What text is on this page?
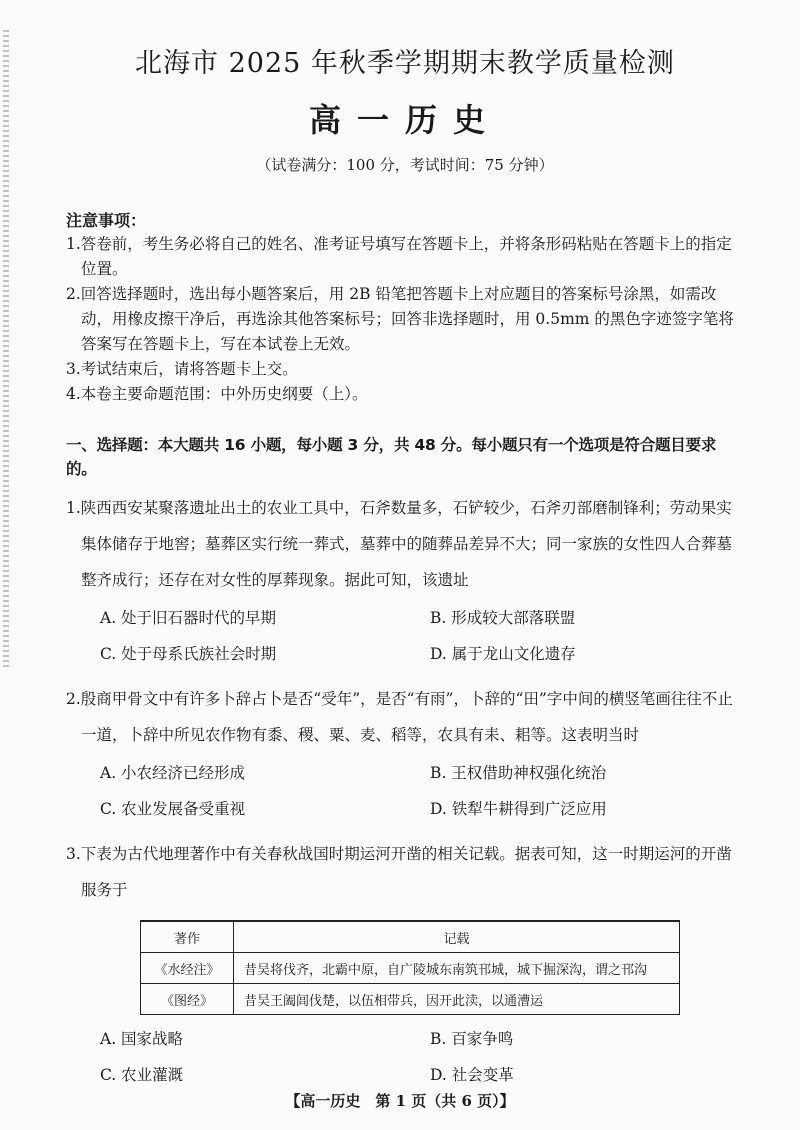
北海市 2025 年秋季学期期末教学质量检测
高一历史
（试卷满分：100 分，考试时间：75 分钟）
注意事项：
1.答卷前，考生务必将自己的姓名、准考证号填写在答题卡上，并将条形码粘贴在答题卡上的指定位置。
2.回答选择题时，选出每小题答案后，用 2B 铅笔把答题卡上对应题目的答案标号涂黑，如需改动，用橡皮擦干净后，再选涂其他答案标号；回答非选择题时，用 0.5mm 的黑色字迹签字笔将答案写在答题卡上，写在本试卷上无效。
3.考试结束后，请将答题卡上交。
4.本卷主要命题范围：中外历史纲要（上）。
一、选择题：本大题共 16 小题，每小题 3 分，共 48 分。每小题只有一个选项是符合题目要求的。
1.陕西西安某聚落遗址出土的农业工具中，石斧数量多，石铲较少，石斧刃部磨制锋利；劳动果实集体储存于地窖；墓葬区实行统一葬式，墓葬中的随葬品差异不大；同一家族的女性四人合葬墓整齐成行；还存在对女性的厚葬现象。据此可知，该遗址
A. 处于旧石器时代的早期	B. 形成较大部落联盟
C. 处于母系氏族社会时期	D. 属于龙山文化遗存
2.殷商甲骨文中有许多卜辞占卜是否“受年”，是否“有雨”，卜辞的“田”字中间的横竖笔画往往不止一道，卜辞中所见农作物有黍、稷、粟、麦、稻等，农具有耒、耜等。这表明当时
A. 小农经济已经形成	B. 王权借助神权强化统治
C. 农业发展备受重视	D. 铁犁牛耕得到广泛应用
3.下表为古代地理著作中有关春秋战国时期运河开凿的相关记载。据表可知，这一时期运河的开凿服务于
著作	记载
《水经注》	昔吴将伐齐，北霸中原，自广陵城东南筑邗城，城下掘深沟，谓之邗沟
《图经》	昔吴王阖闾伐楚，以伍相带兵，因开此渎，以通漕运
A. 国家战略	B. 百家争鸣
C. 农业灌溉	D. 社会变革
【高一历史　第 1 页（共 6 页）】
